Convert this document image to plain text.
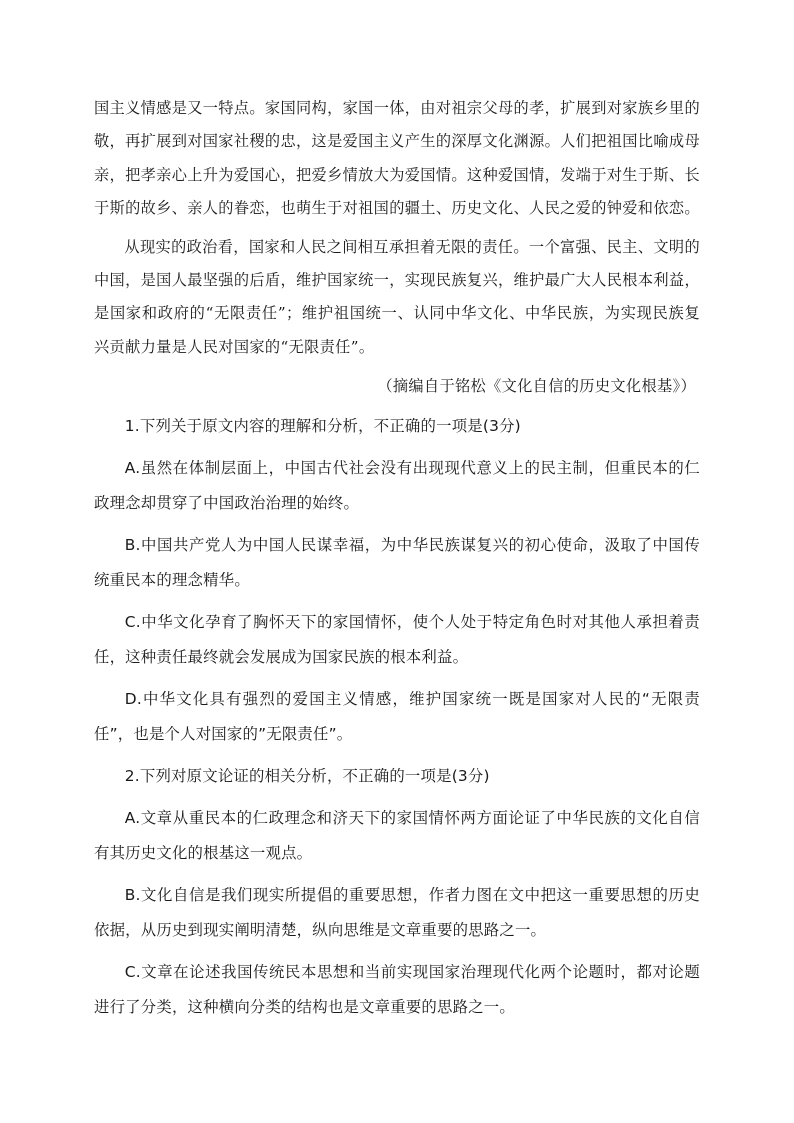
国主义情感是又一特点。家国同构，家国一体，由对祖宗父母的孝，扩展到对家族乡里的敬，再扩展到对国家社稷的忠，这是爱国主义产生的深厚文化渊源。人们把祖国比喻成母亲，把孝亲心上升为爱国心，把爱乡情放大为爱国情。这种爱国情，发端于对生于斯、长于斯的故乡、亲人的眷恋，也萌生于对祖国的疆土、历史文化、人民之爱的钟爱和依恋。

从现实的政治看，国家和人民之间相互承担着无限的责任。一个富强、民主、文明的中国，是国人最坚强的后盾，维护国家统一，实现民族复兴，维护最广大人民根本利益，是国家和政府的“无限责任”；维护祖国统一、认同中华文化、中华民族，为实现民族复兴贡献力量是人民对国家的“无限责任”。

（摘编自于铭松《文化自信的历史文化根基》）

1.下列关于原文内容的理解和分析，不正确的一项是(3分)

A.虽然在体制层面上，中国古代社会没有出现现代意义上的民主制，但重民本的仁政理念却贯穿了中国政治治理的始终。

B.中国共产党人为中国人民谋幸福，为中华民族谋复兴的初心使命，汲取了中国传统重民本的理念精华。

C.中华文化孕育了胸怀天下的家国情怀，使个人处于特定角色时对其他人承担着责任，这种责任最终就会发展成为国家民族的根本利益。

D.中华文化具有强烈的爱国主义情感，维护国家统一既是国家对人民的“无限责任”，也是个人对国家的”无限责任”。

2.下列对原文论证的相关分析，不正确的一项是(3分)

A.文章从重民本的仁政理念和济天下的家国情怀两方面论证了中华民族的文化自信有其历史文化的根基这一观点。

B.文化自信是我们现实所提倡的重要思想，作者力图在文中把这一重要思想的历史依据，从历史到现实阐明清楚，纵向思维是文章重要的思路之一。

C.文章在论述我国传统民本思想和当前实现国家治理现代化两个论题时，都对论题进行了分类，这种横向分类的结构也是文章重要的思路之一。
